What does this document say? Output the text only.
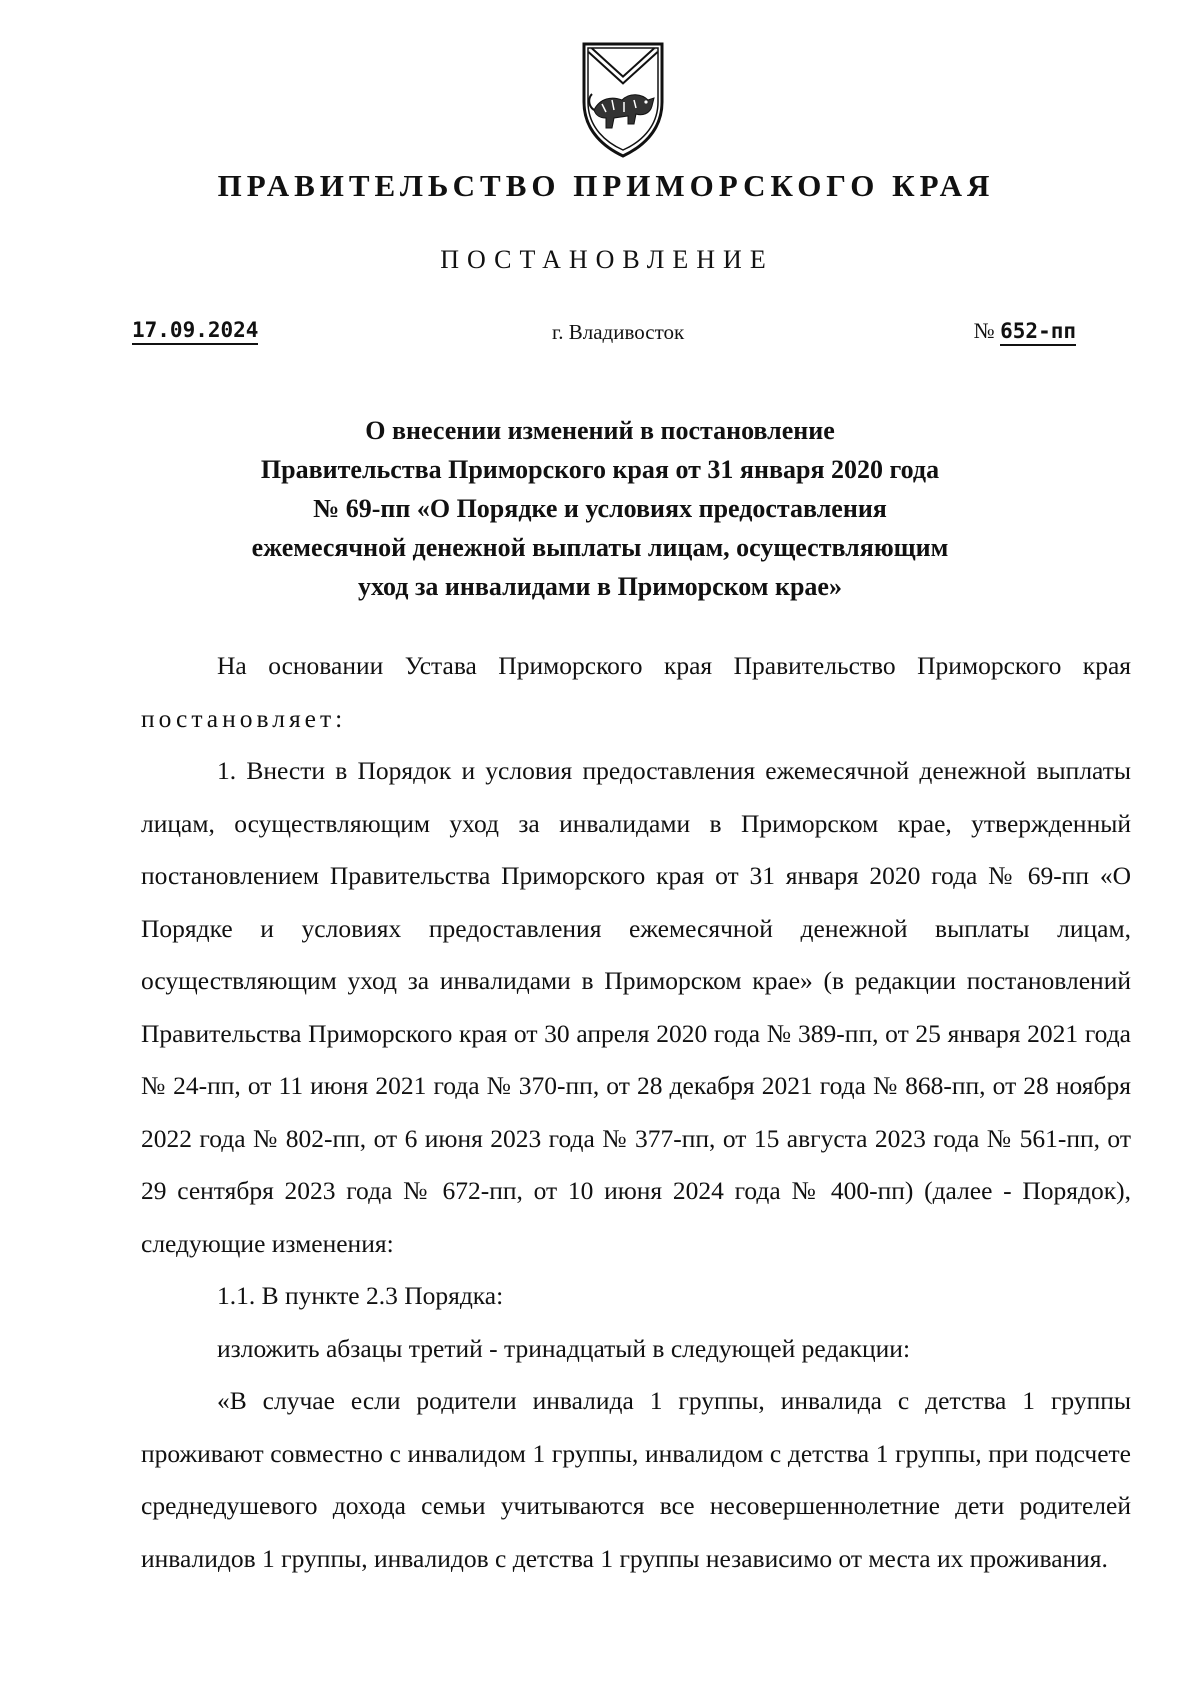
ПРАВИТЕЛЬСТВО ПРИМОРСКОГО КРАЯ
ПОСТАНОВЛЕНИЕ
17.09.2024	г. Владивосток	№ 652-пп
О внесении изменений в постановление
Правительства Приморского края от 31 января 2020 года
№ 69-пп «О Порядке и условиях предоставления
ежемесячной денежной выплаты лицам, осуществляющим
уход за инвалидами в Приморском крае»

На основании Устава Приморского края Правительство Приморского края постановляет:

1. Внести в Порядок и условия предоставления ежемесячной денежной выплаты лицам, осуществляющим уход за инвалидами в Приморском крае, утвержденный постановлением Правительства Приморского края от 31 января 2020 года № 69-пп «О Порядке и условиях предоставления ежемесячной денежной выплаты лицам, осуществляющим уход за инвалидами в Приморском крае» (в редакции постановлений Правительства Приморского края от 30 апреля 2020 года № 389-пп, от 25 января 2021 года № 24-пп, от 11 июня 2021 года № 370-пп, от 28 декабря 2021 года № 868-пп, от 28 ноября 2022 года № 802-пп, от 6 июня 2023 года № 377-пп, от 15 августа 2023 года № 561-пп, от 29 сентября 2023 года № 672-пп, от 10 июня 2024 года № 400-пп) (далее - Порядок), следующие изменения:

1.1. В пункте 2.3 Порядка:

изложить абзацы третий - тринадцатый в следующей редакции:

«В случае если родители инвалида 1 группы, инвалида с детства 1 группы проживают совместно с инвалидом 1 группы, инвалидом с детства 1 группы, при подсчете среднедушевого дохода семьи учитываются все несовершеннолетние дети родителей инвалидов 1 группы, инвалидов с детства 1 группы независимо от места их проживания.
